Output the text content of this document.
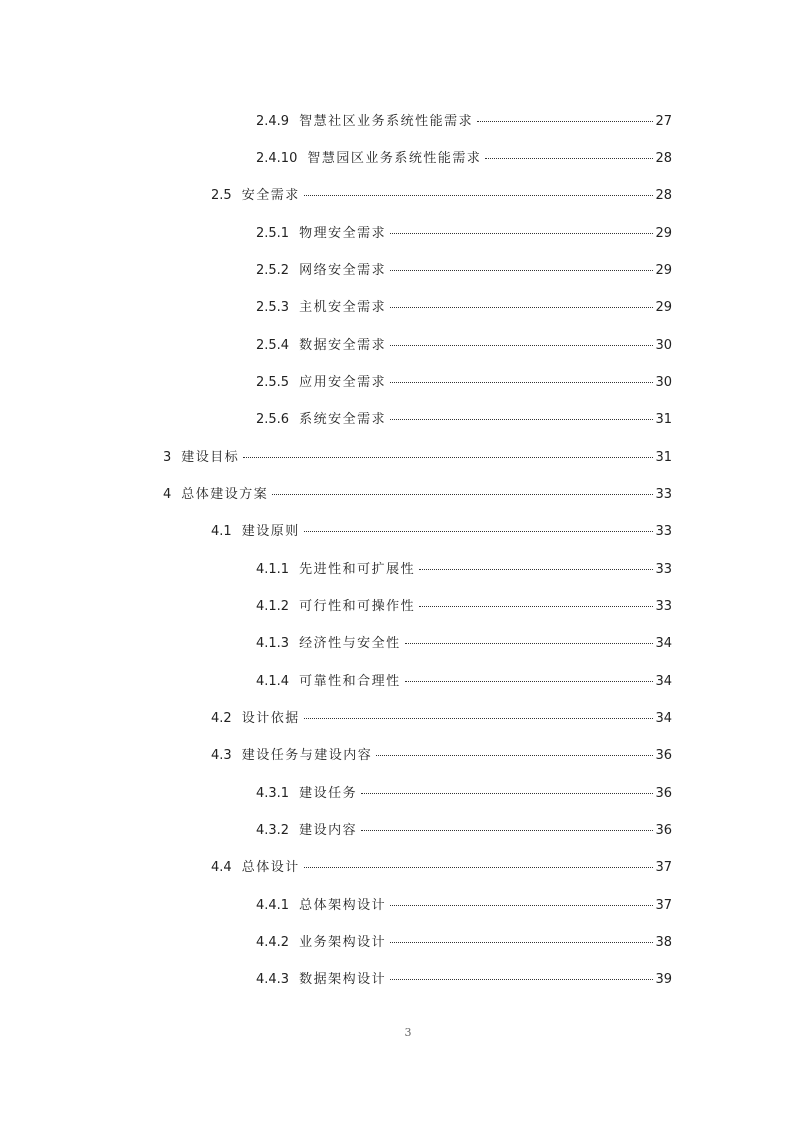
2.4.9 智慧社区业务系统性能需求	27
2.4.10 智慧园区业务系统性能需求	28
2.5 安全需求	28
2.5.1 物理安全需求	29
2.5.2 网络安全需求	29
2.5.3 主机安全需求	29
2.5.4 数据安全需求	30
2.5.5 应用安全需求	30
2.5.6 系统安全需求	31
3 建设目标	31
4 总体建设方案	33
4.1 建设原则	33
4.1.1 先进性和可扩展性	33
4.1.2 可行性和可操作性	33
4.1.3 经济性与安全性	34
4.1.4 可靠性和合理性	34
4.2 设计依据	34
4.3 建设任务与建设内容	36
4.3.1 建设任务	36
4.3.2 建设内容	36
4.4 总体设计	37
4.4.1 总体架构设计	37
4.4.2 业务架构设计	38
4.4.3 数据架构设计	39
3
